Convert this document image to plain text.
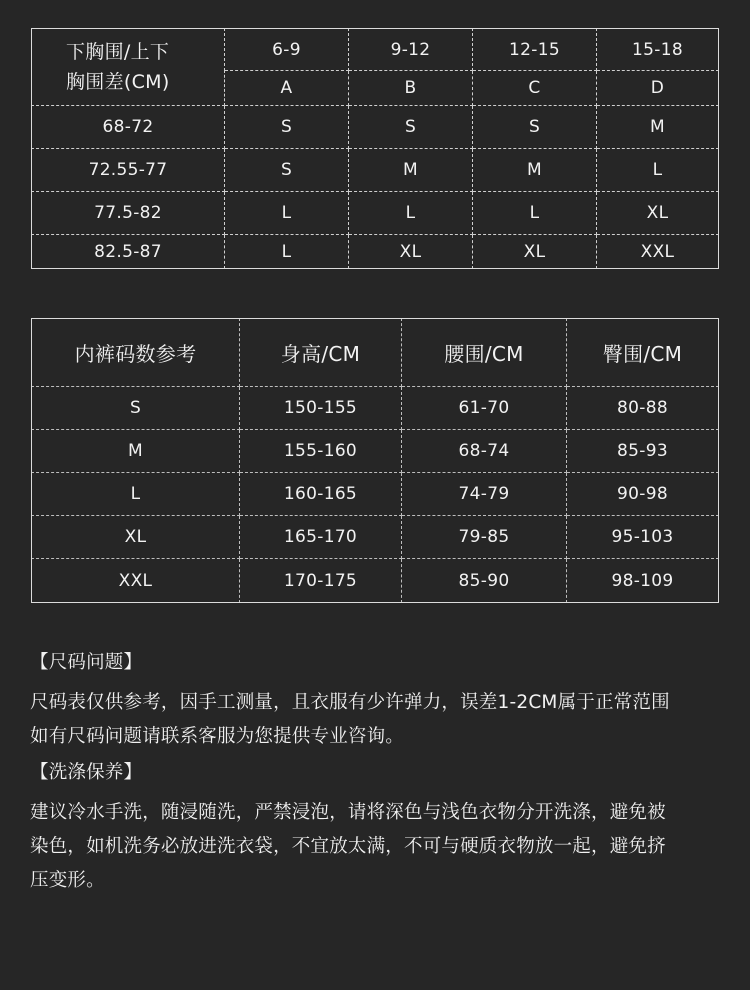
下胸围/上下
胸围差(CM)	6-9	9-12	12-15	15-18
	A	B	C	D
68-72	S	S	S	M
72.55-77	S	M	M	L
77.5-82	L	L	L	XL
82.5-87	L	XL	XL	XXL
内裤码数参考	身高/CM	腰围/CM	臀围/CM
S	150-155	61-70	80-88
M	155-160	68-74	85-93
L	160-165	74-79	90-98
XL	165-170	79-85	95-103
XXL	170-175	85-90	98-109

【尺码问题】

尺码表仅供参考，因手工测量，且衣服有少许弹力，误差1-2CM属于正常范围

如有尺码问题请联系客服为您提供专业咨询。

【洗涤保养】

建议冷水手洗，随浸随洗，严禁浸泡，请将深色与浅色衣物分开洗涤，避免被

染色，如机洗务必放进洗衣袋，不宜放太满，不可与硬质衣物放一起，避免挤

压变形。
